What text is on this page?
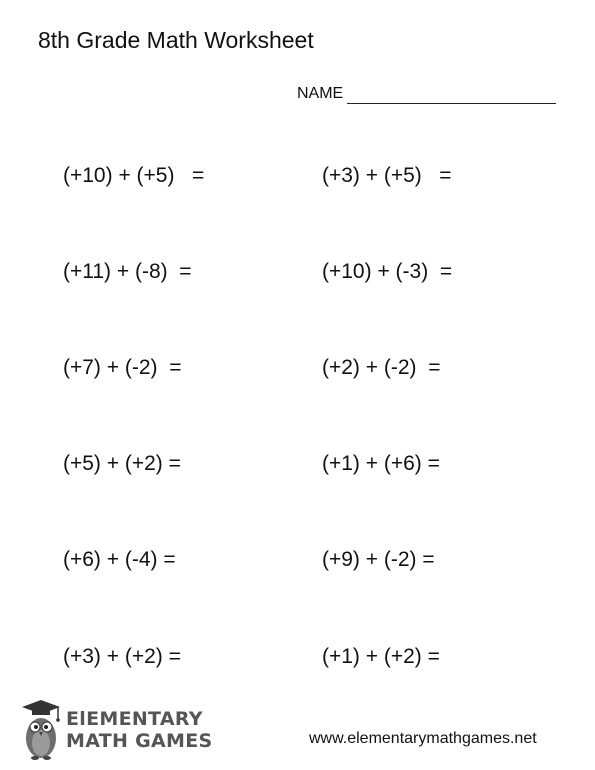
8th Grade Math Worksheet
NAME
(+10) + (+5)   =	(+3) + (+5)   =
(+11) + (-8)  =	(+10) + (-3)  =
(+7) + (-2)  =	(+2) + (-2)  =
(+5) + (+2) =	(+1) + (+6) =
(+6) + (-4) =	(+9) + (-2) =
(+3) + (+2) =	(+1) + (+2) =
ElEMENTARY
MATH GAMES	www.elementarymathgames.net
